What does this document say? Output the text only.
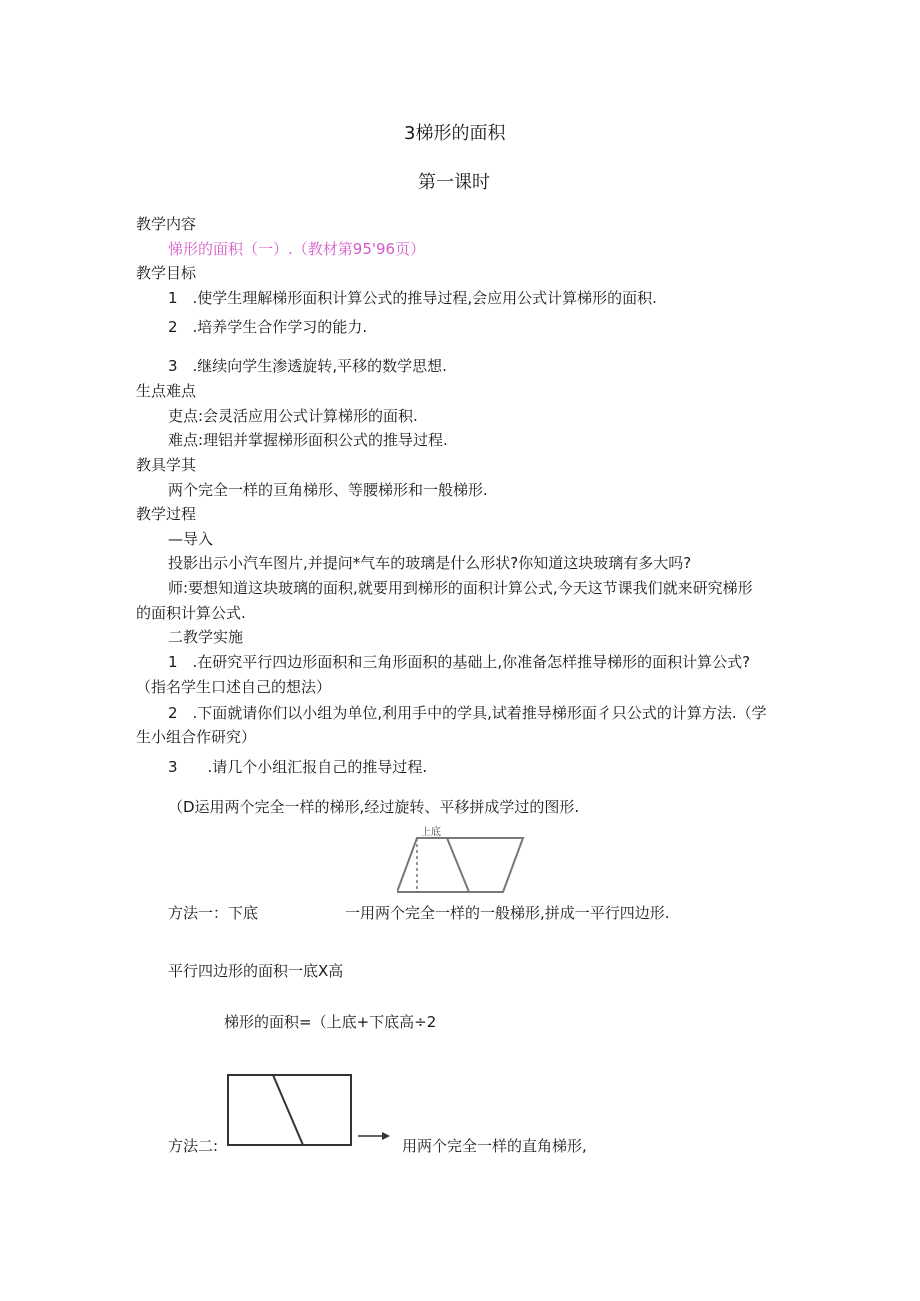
3梯形的面积
第一课时
教学内容
悌形的面积（一）.（教材第95'96页）
教学目标
1　.使学生理解梯形面积计算公式的推导过程,会应用公式计算梯形的面积.
2　.培养学生合作学习的能力.
3　.继续向学生渗透旋转,平移的数学思想.
生点难点
吏点:会灵活应用公式计算梯形的面积.
难点:理铝并掌握梯形面积公式的推导过程.
教具学其
两个完全一样的亘角梯形、等腰梯形和一般梯形.
教学过程
—导入
投影出示小汽车图片,并提问*气车的玻璃是什么形状?你知道这块玻璃有多大吗?
师:要想知道这块玻璃的面积,就要用到梯形的面积计算公式,今天这节课我们就来研究梯形
的面积计算公式.
二教学实施
1　.在研究平行四边形面积和三角形面积的基础上,你准备怎样推导梯形的面积计算公式?
（指名学生口述自己的想法）
2　.下面就请你们以小组为单位,利用手中的学具,试着推导梯形面彳只公式的计算方法.（学
生小组合作研究）
3　　.请几个小组汇报自己的推导过程.
（D运用两个完全一样的梯形,经过旋转、平移拼成学过的图形.
上底
方法一：下底	一用两个完全一样的一般梯形,拼成一平行四边形.
平行四边形的面积一底X高
梯形的面积=（上底+下底高÷2
方法二:	用两个完全一样的直角梯形,
